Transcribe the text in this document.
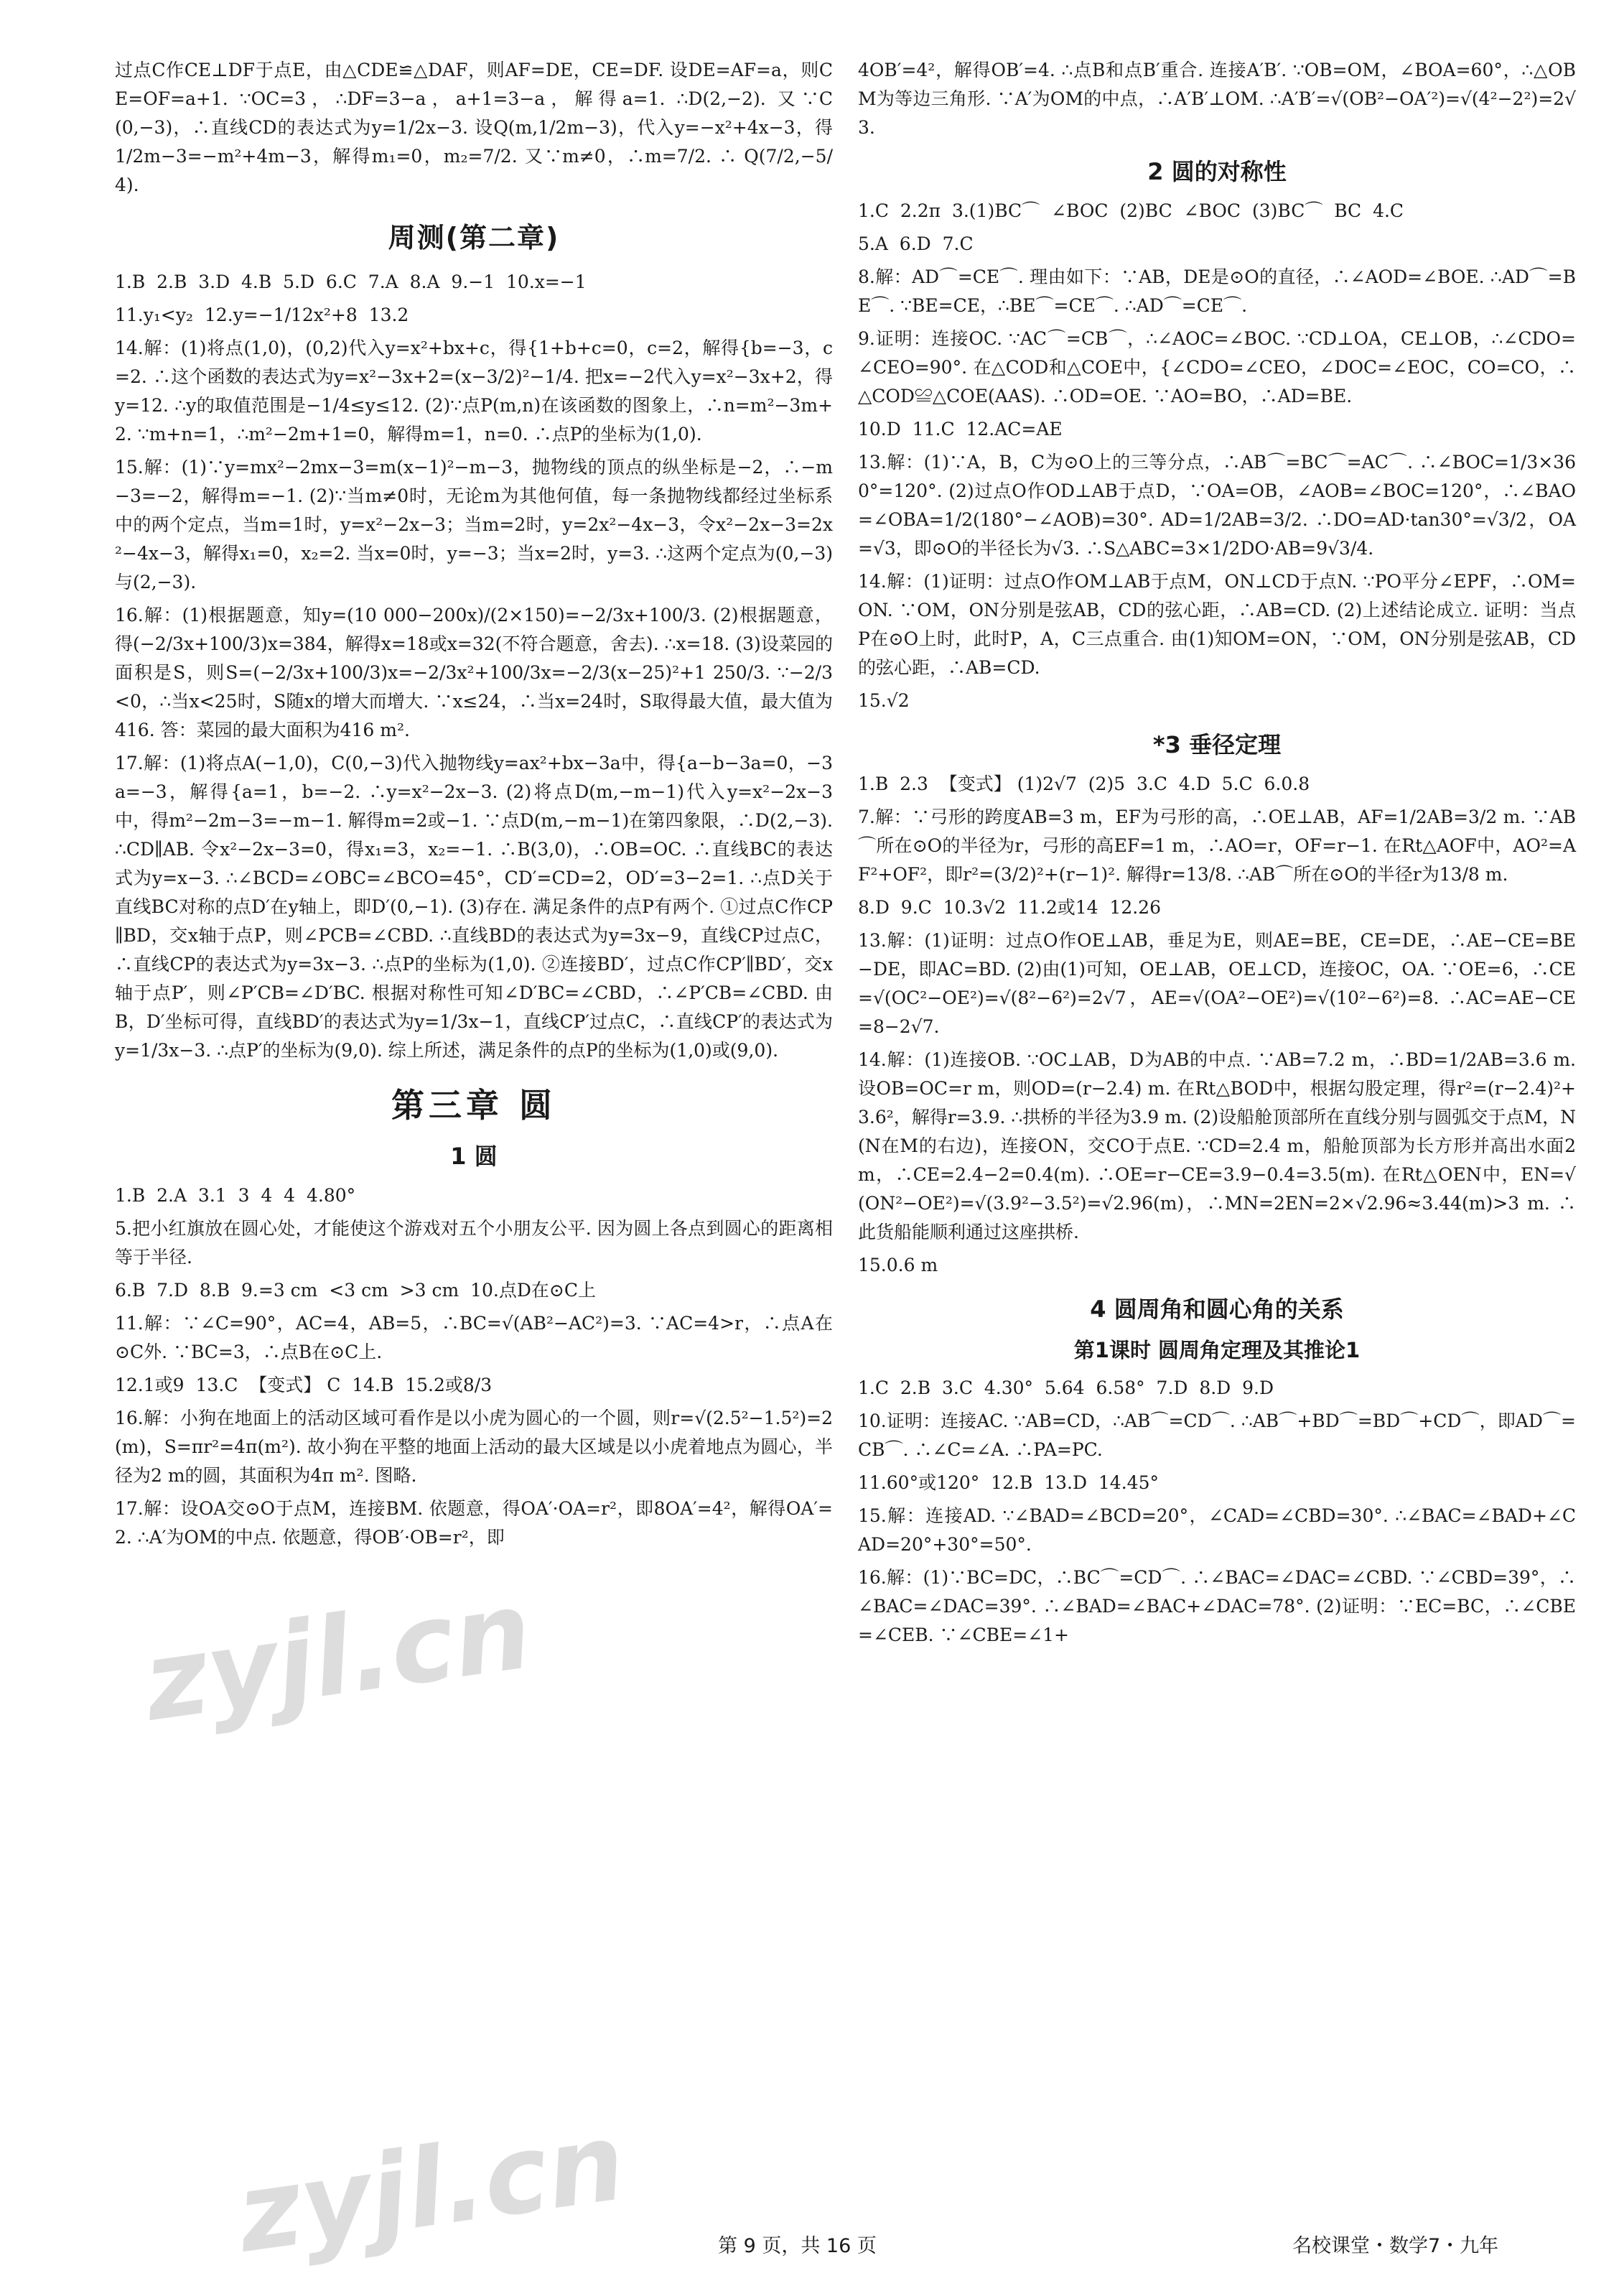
过点C作CE⊥DF于点E，由△CDE≌△DAF，则AF=DE，CE=DF. 设DE=AF=a，则CE=OF=a+1. ∵OC=3，∴DF=3−a，a+1=3−a，解得a=1. ∴D(2,−2). 又∵C(0,−3)，∴直线CD的表达式为y=1/2x−3. 设Q(m,1/2m−3)，代入y=−x²+4x−3，得1/2m−3=−m²+4m−3，解得m₁=0，m₂=7/2. 又∵m≠0，∴m=7/2. ∴ Q(7/2,−5/4).

周测(第二章)

1.B  2.B  3.D  4.B  5.D  6.C  7.A  8.A  9.−1  10.x=−1

11.y₁<y₂  12.y=−1/12x²+8  13.2

14.解：(1)将点(1,0)，(0,2)代入y=x²+bx+c，得{1+b+c=0，c=2，解得{b=−3，c=2. ∴这个函数的表达式为y=x²−3x+2=(x−3/2)²−1/4. 把x=−2代入y=x²−3x+2，得y=12. ∴y的取值范围是−1/4≤y≤12. (2)∵点P(m,n)在该函数的图象上，∴n=m²−3m+2. ∵m+n=1，∴m²−2m+1=0，解得m=1，n=0. ∴点P的坐标为(1,0).

15.解：(1)∵y=mx²−2mx−3=m(x−1)²−m−3，抛物线的顶点的纵坐标是−2，∴−m−3=−2，解得m=−1. (2)∵当m≠0时，无论m为其他何值，每一条抛物线都经过坐标系中的两个定点，当m=1时，y=x²−2x−3；当m=2时，y=2x²−4x−3，令x²−2x−3=2x²−4x−3，解得x₁=0，x₂=2. 当x=0时，y=−3；当x=2时，y=3. ∴这两个定点为(0,−3)与(2,−3).

16.解：(1)根据题意，知y=(10 000−200x)/(2×150)=−2/3x+100/3. (2)根据题意，得(−2/3x+100/3)x=384，解得x=18或x=32(不符合题意，舍去). ∴x=18. (3)设菜园的面积是S，则S=(−2/3x+100/3)x=−2/3x²+100/3x=−2/3(x−25)²+1 250/3. ∵−2/3<0，∴当x<25时，S随x的增大而增大. ∵x≤24，∴当x=24时，S取得最大值，最大值为416. 答：菜园的最大面积为416 m².

17.解：(1)将点A(−1,0)，C(0,−3)代入抛物线y=ax²+bx−3a中，得{a−b−3a=0，−3a=−3，解得{a=1，b=−2. ∴y=x²−2x−3. (2)将点D(m,−m−1)代入y=x²−2x−3中，得m²−2m−3=−m−1. 解得m=2或−1. ∵点D(m,−m−1)在第四象限，∴D(2,−3). ∴CD∥AB. 令x²−2x−3=0，得x₁=3，x₂=−1. ∴B(3,0)，∴OB=OC. ∴直线BC的表达式为y=x−3. ∴∠BCD=∠OBC=∠BCO=45°，CD′=CD=2，OD′=3−2=1. ∴点D关于直线BC对称的点D′在y轴上，即D′(0,−1). (3)存在. 满足条件的点P有两个. ①过点C作CP∥BD，交x轴于点P，则∠PCB=∠CBD. ∴直线BD的表达式为y=3x−9，直线CP过点C，∴直线CP的表达式为y=3x−3. ∴点P的坐标为(1,0). ②连接BD′，过点C作CP′∥BD′，交x轴于点P′，则∠P′CB=∠D′BC. 根据对称性可知∠D′BC=∠CBD，∴∠P′CB=∠CBD. 由B，D′坐标可得，直线BD′的表达式为y=1/3x−1，直线CP′过点C，∴直线CP′的表达式为y=1/3x−3. ∴点P′的坐标为(9,0). 综上所述，满足条件的点P的坐标为(1,0)或(9,0).

第三章 圆
1 圆

1.B  2.A  3.1  3  4  4  4.80°

5.把小红旗放在圆心处，才能使这个游戏对五个小朋友公平. 因为圆上各点到圆心的距离相等于半径.

6.B  7.D  8.B  9.=3 cm  <3 cm  >3 cm  10.点D在⊙C上

11.解：∵∠C=90°，AC=4，AB=5，∴BC=√(AB²−AC²)=3. ∵AC=4>r，∴点A在⊙C外. ∵BC=3，∴点B在⊙C上.

12.1或9  13.C  【变式】 C  14.B  15.2或8/3

16.解：小狗在地面上的活动区域可看作是以小虎为圆心的一个圆，则r=√(2.5²−1.5²)=2(m)，S=πr²=4π(m²). 故小狗在平整的地面上活动的最大区域是以小虎着地点为圆心，半径为2 m的圆，其面积为4π m². 图略.

17.解：设OA交⊙O于点M，连接BM. 依题意，得OA′·OA=r²，即8OA′=4²，解得OA′=2. ∴A′为OM的中点. 依题意，得OB′·OB=r²，即

4OB′=4²，解得OB′=4. ∴点B和点B′重合. 连接A′B′. ∵OB=OM，∠BOA=60°，∴△OBM为等边三角形. ∵A′为OM的中点，∴A′B′⊥OM. ∴A′B′=√(OB²−OA′²)=√(4²−2²)=2√3.

2 圆的对称性

1.C  2.2π  3.(1)BC⌒  ∠BOC  (2)BC  ∠BOC  (3)BC⌒  BC  4.C

5.A  6.D  7.C

8.解：AD⌒=CE⌒. 理由如下：∵AB，DE是⊙O的直径，∴∠AOD=∠BOE. ∴AD⌒=BE⌒. ∵BE=CE，∴BE⌒=CE⌒. ∴AD⌒=CE⌒.

9.证明：连接OC. ∵AC⌒=CB⌒，∴∠AOC=∠BOC. ∵CD⊥OA，CE⊥OB，∴∠CDO=∠CEO=90°. 在△COD和△COE中，{∠CDO=∠CEO，∠DOC=∠EOC，CO=CO，∴△COD≌△COE(AAS). ∴OD=OE. ∵AO=BO，∴AD=BE.

10.D  11.C  12.AC=AE

13.解：(1)∵A，B，C为⊙O上的三等分点，∴AB⌒=BC⌒=AC⌒. ∴∠BOC=1/3×360°=120°. (2)过点O作OD⊥AB于点D，∵OA=OB，∠AOB=∠BOC=120°，∴∠BAO=∠OBA=1/2(180°−∠AOB)=30°. AD=1/2AB=3/2. ∴DO=AD·tan30°=√3/2，OA=√3，即⊙O的半径长为√3. ∴S△ABC=3×1/2DO·AB=9√3/4.

14.解：(1)证明：过点O作OM⊥AB于点M，ON⊥CD于点N. ∵PO平分∠EPF，∴OM=ON. ∵OM，ON分别是弦AB，CD的弦心距，∴AB=CD. (2)上述结论成立. 证明：当点P在⊙O上时，此时P，A，C三点重合. 由(1)知OM=ON，∵OM，ON分别是弦AB，CD的弦心距，∴AB=CD.

15.√2

*3 垂径定理

1.B  2.3  【变式】 (1)2√7  (2)5  3.C  4.D  5.C  6.0.8

7.解：∵弓形的跨度AB=3 m，EF为弓形的高，∴OE⊥AB，AF=1/2AB=3/2 m. ∵AB⌒所在⊙O的半径为r，弓形的高EF=1 m，∴AO=r，OF=r−1. 在Rt△AOF中，AO²=AF²+OF²，即r²=(3/2)²+(r−1)². 解得r=13/8. ∴AB⌒所在⊙O的半径r为13/8 m.

8.D  9.C  10.3√2  11.2或14  12.26

13.解：(1)证明：过点O作OE⊥AB，垂足为E，则AE=BE，CE=DE，∴AE−CE=BE−DE，即AC=BD. (2)由(1)可知，OE⊥AB，OE⊥CD，连接OC，OA. ∵OE=6，∴CE=√(OC²−OE²)=√(8²−6²)=2√7，AE=√(OA²−OE²)=√(10²−6²)=8. ∴AC=AE−CE=8−2√7.

14.解：(1)连接OB. ∵OC⊥AB，D为AB的中点. ∵AB=7.2 m，∴BD=1/2AB=3.6 m. 设OB=OC=r m，则OD=(r−2.4) m. 在Rt△BOD中，根据勾股定理，得r²=(r−2.4)²+3.6²，解得r=3.9. ∴拱桥的半径为3.9 m. (2)设船舱顶部所在直线分别与圆弧交于点M，N(N在M的右边)，连接ON，交CO于点E. ∵CD=2.4 m，船舱顶部为长方形并高出水面2 m，∴CE=2.4−2=0.4(m). ∴OE=r−CE=3.9−0.4=3.5(m). 在Rt△OEN中，EN=√(ON²−OE²)=√(3.9²−3.5²)=√2.96(m)，∴MN=2EN=2×√2.96≈3.44(m)>3 m. ∴此货船能顺利通过这座拱桥.

15.0.6 m

4 圆周角和圆心角的关系
第1课时 圆周角定理及其推论1

1.C  2.B  3.C  4.30°  5.64  6.58°  7.D  8.D  9.D

10.证明：连接AC. ∵AB=CD，∴AB⌒=CD⌒. ∴AB⌒+BD⌒=BD⌒+CD⌒，即AD⌒=CB⌒. ∴∠C=∠A. ∴PA=PC.

11.60°或120°  12.B  13.D  14.45°

15.解：连接AD. ∵∠BAD=∠BCD=20°，∠CAD=∠CBD=30°. ∴∠BAC=∠BAD+∠CAD=20°+30°=50°.

16.解：(1)∵BC=DC，∴BC⌒=CD⌒. ∴∠BAC=∠DAC=∠CBD. ∵∠CBD=39°，∴∠BAC=∠DAC=39°. ∴∠BAD=∠BAC+∠DAC=78°. (2)证明：∵EC=BC，∴∠CBE=∠CEB. ∵∠CBE=∠1+

zyjl.cn
zyjl.cn	第 9 页，共 16 页	名校课堂・数学7・九年
